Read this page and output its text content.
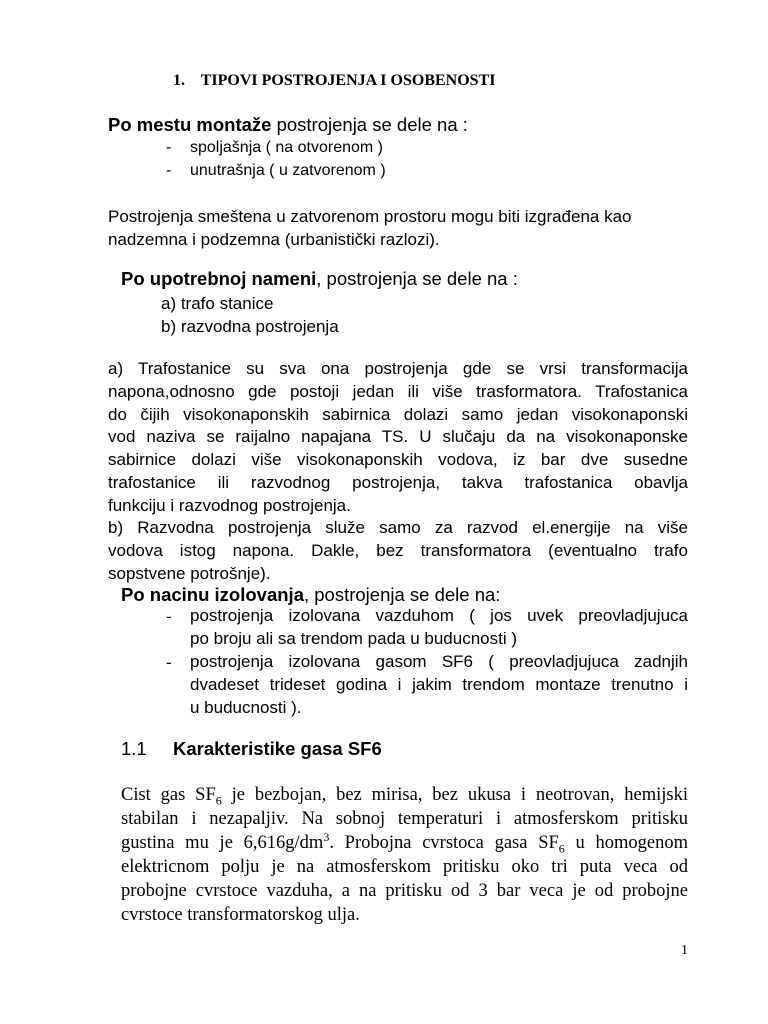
1. TIPOVI POSTROJENJA I OSOBENOSTI
Po mestu montaže postrojenja se dele na :
- spoljašnja ( na otvorenom )
- unutrašnja ( u zatvorenom )
Postrojenja smeštena u zatvorenom prostoru mogu biti izgrađena kao
nadzemna i podzemna (urbanistički razlozi).
Po upotrebnoj nameni, postrojenja se dele na :
a) trafo stanice
b) razvodna postrojenja
a) Trafostanice su sva ona postrojenja gde se vrsi transformacija
napona,odnosno gde postoji jedan ili više trasformatora. Trafostanica
do čijih visokonaponskih sabirnica dolazi samo jedan visokonaponski
vod naziva se raijalno napajana TS. U slučaju da na visokonaponske
sabirnice dolazi više visokonaponskih vodova, iz bar dve susedne
trafostanice ili razvodnog postrojenja, takva trafostanica obavlja
funkciju i razvodnog postrojenja.
b) Razvodna postrojenja služe samo za razvod el.energije na više
vodova istog napona. Dakle, bez transformatora (eventualno trafo
sopstvene potrošnje).
Po nacinu izolovanja, postrojenja se dele na:
- postrojenja izolovana vazduhom ( jos uvek preovladjujuca
po broju ali sa trendom pada u buducnosti )
- postrojenja izolovana gasom SF6 ( preovladjujuca zadnjih
dvadeset trideset godina i jakim trendom montaze trenutno i
u buducnosti ).
1.1 Karakteristike gasa SF6
Cist gas $SF_6$ je bezbojan, bez mirisa, bez ukusa i neotrovan, hemijski
stabilan i nezapaljiv. Na sobnoj temperaturi i atmosferskom pritisku
gustina mu je $6,616g/dm^3$. Probojna cvrstoca gasa $SF_6$ u homogenom
elektricnom polju je na atmosferskom pritisku oko tri puta veca od
probojne cvrstoce vazduha, a na pritisku od 3 bar veca je od probojne
cvrstoce transformatorskog ulja.
1
